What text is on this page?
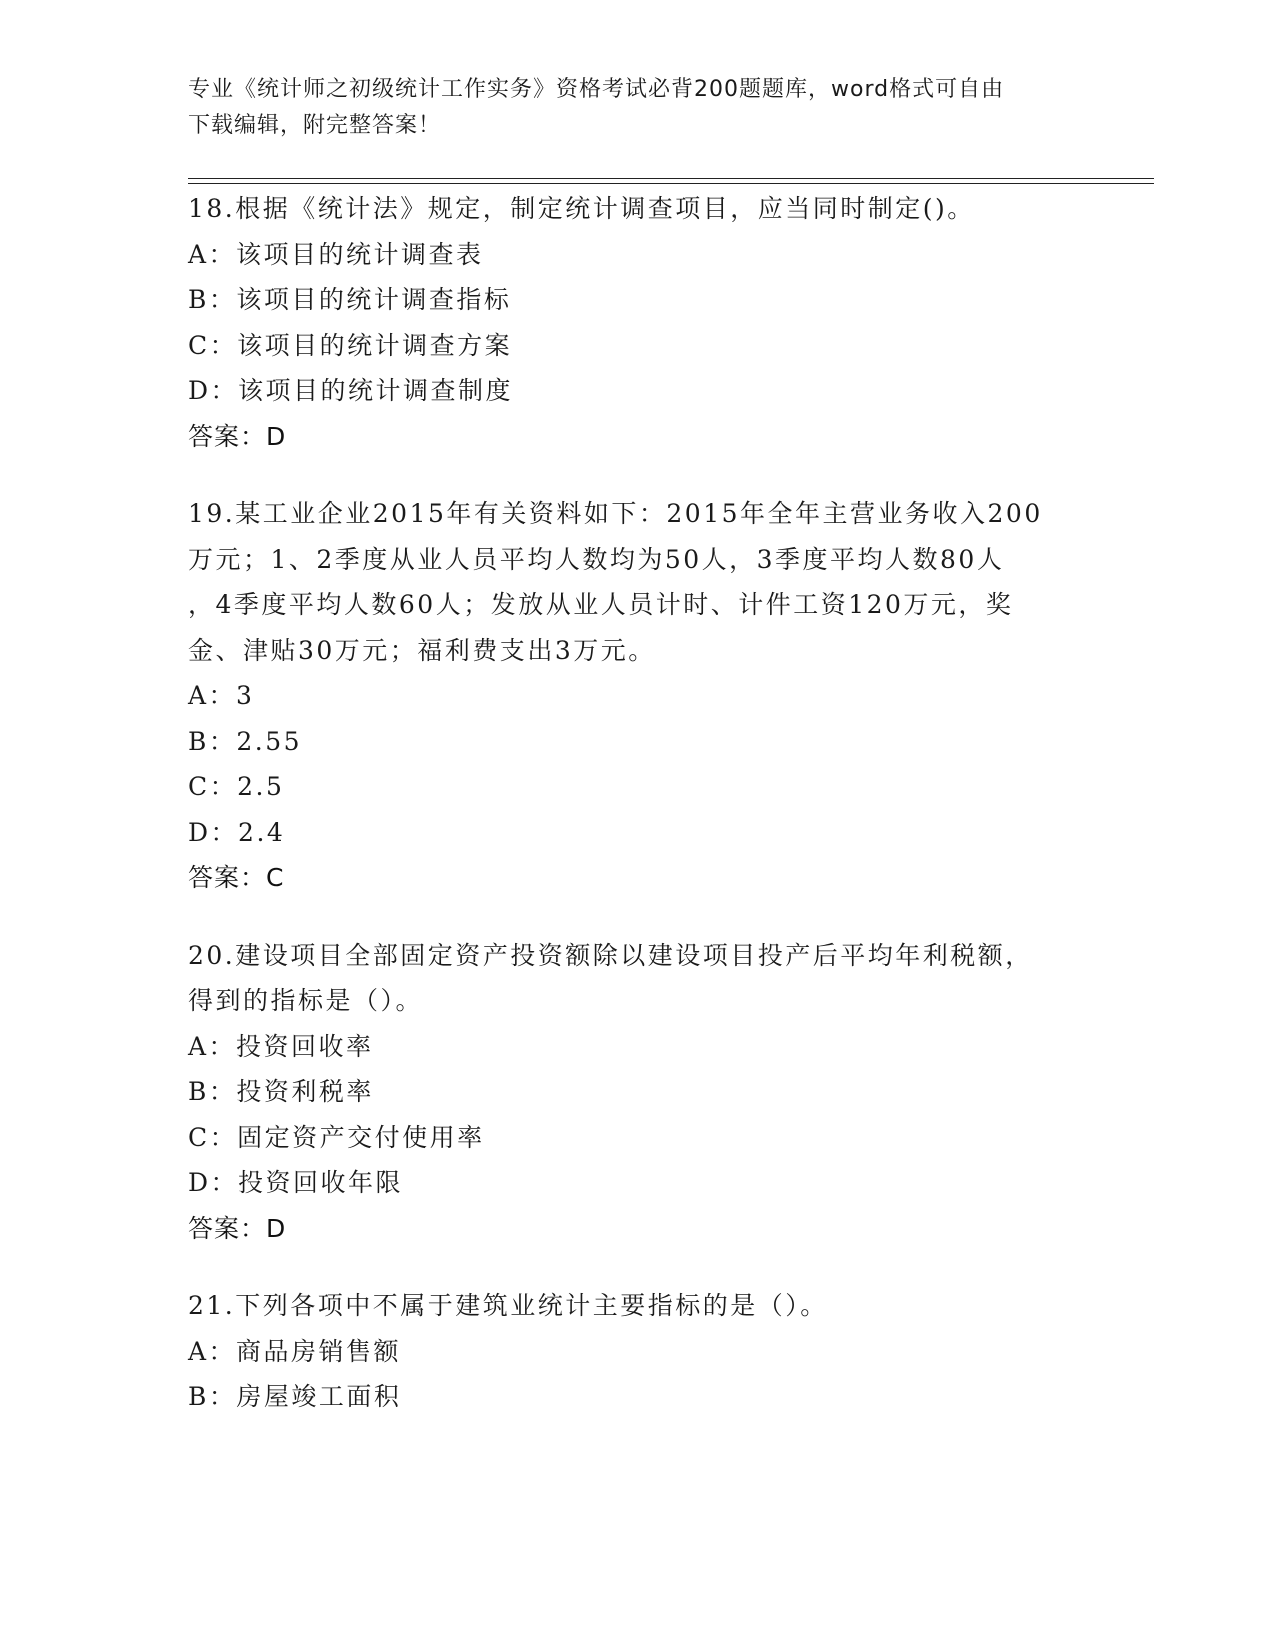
专业《统计师之初级统计工作实务》资格考试必背200题题库，word格式可自由
下载编辑，附完整答案！
18.根据《统计法》规定，制定统计调查项目，应当同时制定()。
A：该项目的统计调查表
B：该项目的统计调查指标
C：该项目的统计调查方案
D：该项目的统计调查制度
答案：D
19.某工业企业2015年有关资料如下：2015年全年主营业务收入200
万元；1、2季度从业人员平均人数均为50人，3季度平均人数80人
，4季度平均人数60人；发放从业人员计时、计件工资120万元，奖
金、津贴30万元；福利费支出3万元。
A：3
B：2.55
C：2.5
D：2.4
答案：C
20.建设项目全部固定资产投资额除以建设项目投产后平均年利税额，
得到的指标是（）。
A：投资回收率
B：投资利税率
C：固定资产交付使用率
D：投资回收年限
答案：D
21.下列各项中不属于建筑业统计主要指标的是（）。
A：商品房销售额
B：房屋竣工面积
